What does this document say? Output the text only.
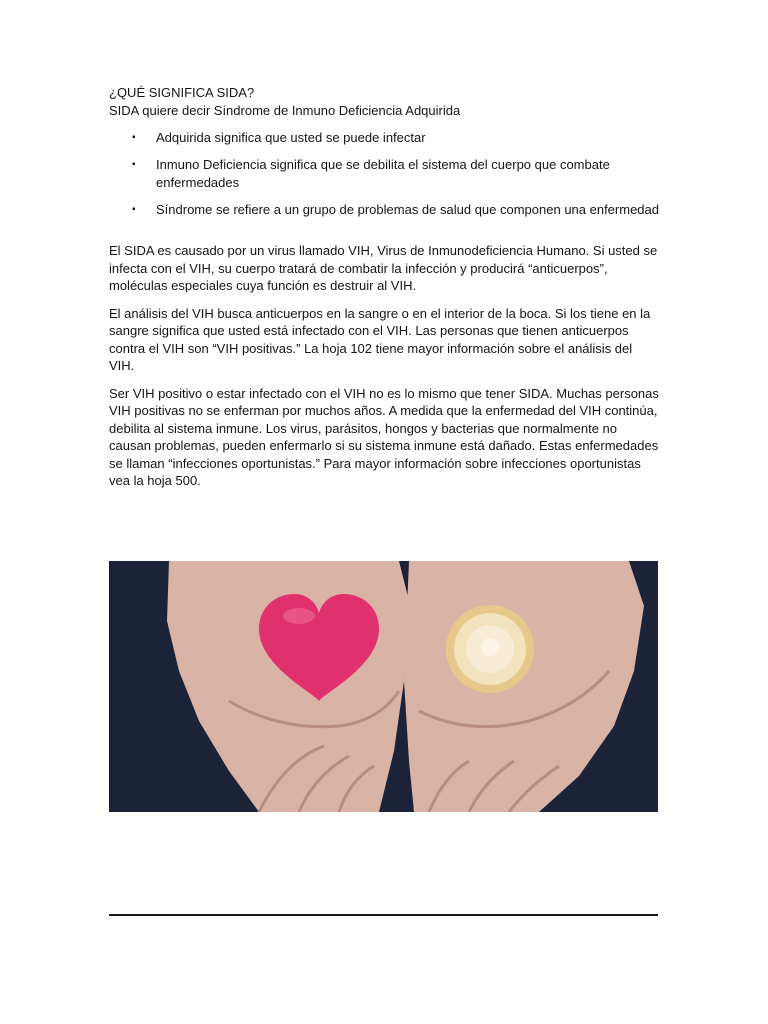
¿QUÉ SIGNIFICA SIDA?

SIDA quiere decir Síndrome de Inmuno Deficiencia Adquirida

▪ Adquirida significa que usted se puede infectar
▪ Inmuno Deficiencia significa que se debilita el sistema del cuerpo que combate enfermedades
▪ Síndrome se refiere a un grupo de problemas de salud que componen una enfermedad

El SIDA es causado por un virus llamado VIH, Virus de Inmunodeficiencia Humano. Si usted se infecta con el VIH, su cuerpo tratará de combatir la infección y producirá “anticuerpos”, moléculas especiales cuya función es destruir al VIH.

El análisis del VIH busca anticuerpos en la sangre o en el interior de la boca. Si los tiene en la sangre significa que usted está infectado con el VIH. Las personas que tienen anticuerpos contra el VIH son “VIH positivas.” La hoja 102 tiene mayor información sobre el análisis del VIH.

Ser VIH positivo o estar infectado con el VIH no es lo mismo que tener SIDA. Muchas personas VIH positivas no se enferman por muchos años. A medida que la enfermedad del VIH continúa, debilita al sistema inmune. Los virus, parásitos, hongos y bacterias que normalmente no causan problemas, pueden enfermarlo si su sistema inmune está dañado. Estas enfermedades se llaman “infecciones oportunistas.” Para mayor información sobre infecciones oportunistas vea la hoja 500.
